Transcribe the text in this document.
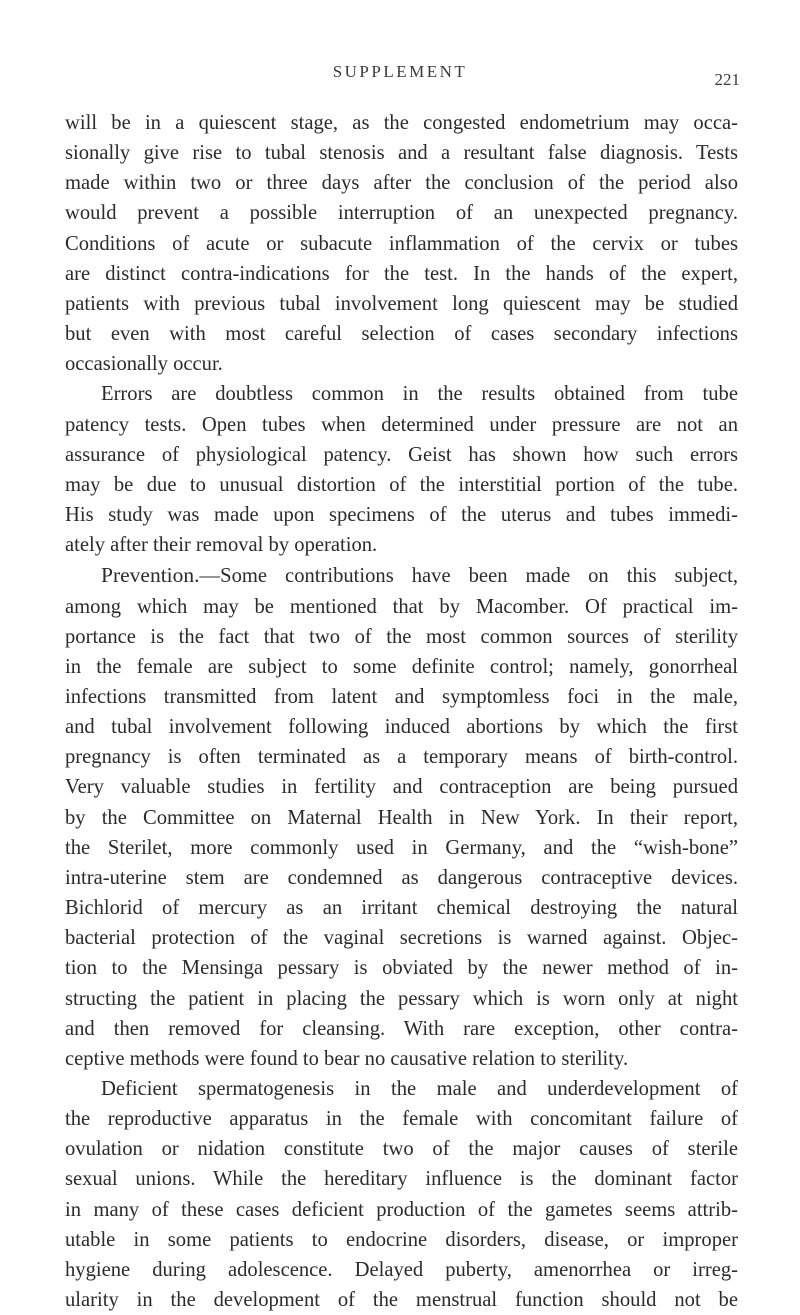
SUPPLEMENT	221

will be in a quiescent stage, as the congested endometrium may occa-
sionally give rise to tubal stenosis and a resultant false diagnosis. Tests
made within two or three days after the conclusion of the period also
would prevent a possible interruption of an unexpected pregnancy.
Conditions of acute or subacute inflammation of the cervix or tubes
are distinct contra-indications for the test. In the hands of the expert,
patients with previous tubal involvement long quiescent may be studied
but even with most careful selection of cases secondary infections
occasionally occur.

Errors are doubtless common in the results obtained from tube
patency tests. Open tubes when determined under pressure are not an
assurance of physiological patency. Geist has shown how such errors
may be due to unusual distortion of the interstitial portion of the tube.
His study was made upon specimens of the uterus and tubes immedi-
ately after their removal by operation.

Prevention.—Some contributions have been made on this subject,
among which may be mentioned that by Macomber. Of practical im-
portance is the fact that two of the most common sources of sterility
in the female are subject to some definite control; namely, gonorrheal
infections transmitted from latent and symptomless foci in the male,
and tubal involvement following induced abortions by which the first
pregnancy is often terminated as a temporary means of birth-control.
Very valuable studies in fertility and contraception are being pursued
by the Committee on Maternal Health in New York. In their report,
the Sterilet, more commonly used in Germany, and the “wish-bone”
intra-uterine stem are condemned as dangerous contraceptive devices.
Bichlorid of mercury as an irritant chemical destroying the natural
bacterial protection of the vaginal secretions is warned against. Objec-
tion to the Mensinga pessary is obviated by the newer method of in-
structing the patient in placing the pessary which is worn only at night
and then removed for cleansing. With rare exception, other contra-
ceptive methods were found to bear no causative relation to sterility.

Deficient spermatogenesis in the male and underdevelopment of
the reproductive apparatus in the female with concomitant failure of
ovulation or nidation constitute two of the major causes of sterile
sexual unions. While the hereditary influence is the dominant factor
in many of these cases deficient production of the gametes seems attrib-
utable in some patients to endocrine disorders, disease, or improper
hygiene during adolescence. Delayed puberty, amenorrhea or irreg-
ularity in the development of the menstrual function should not be
